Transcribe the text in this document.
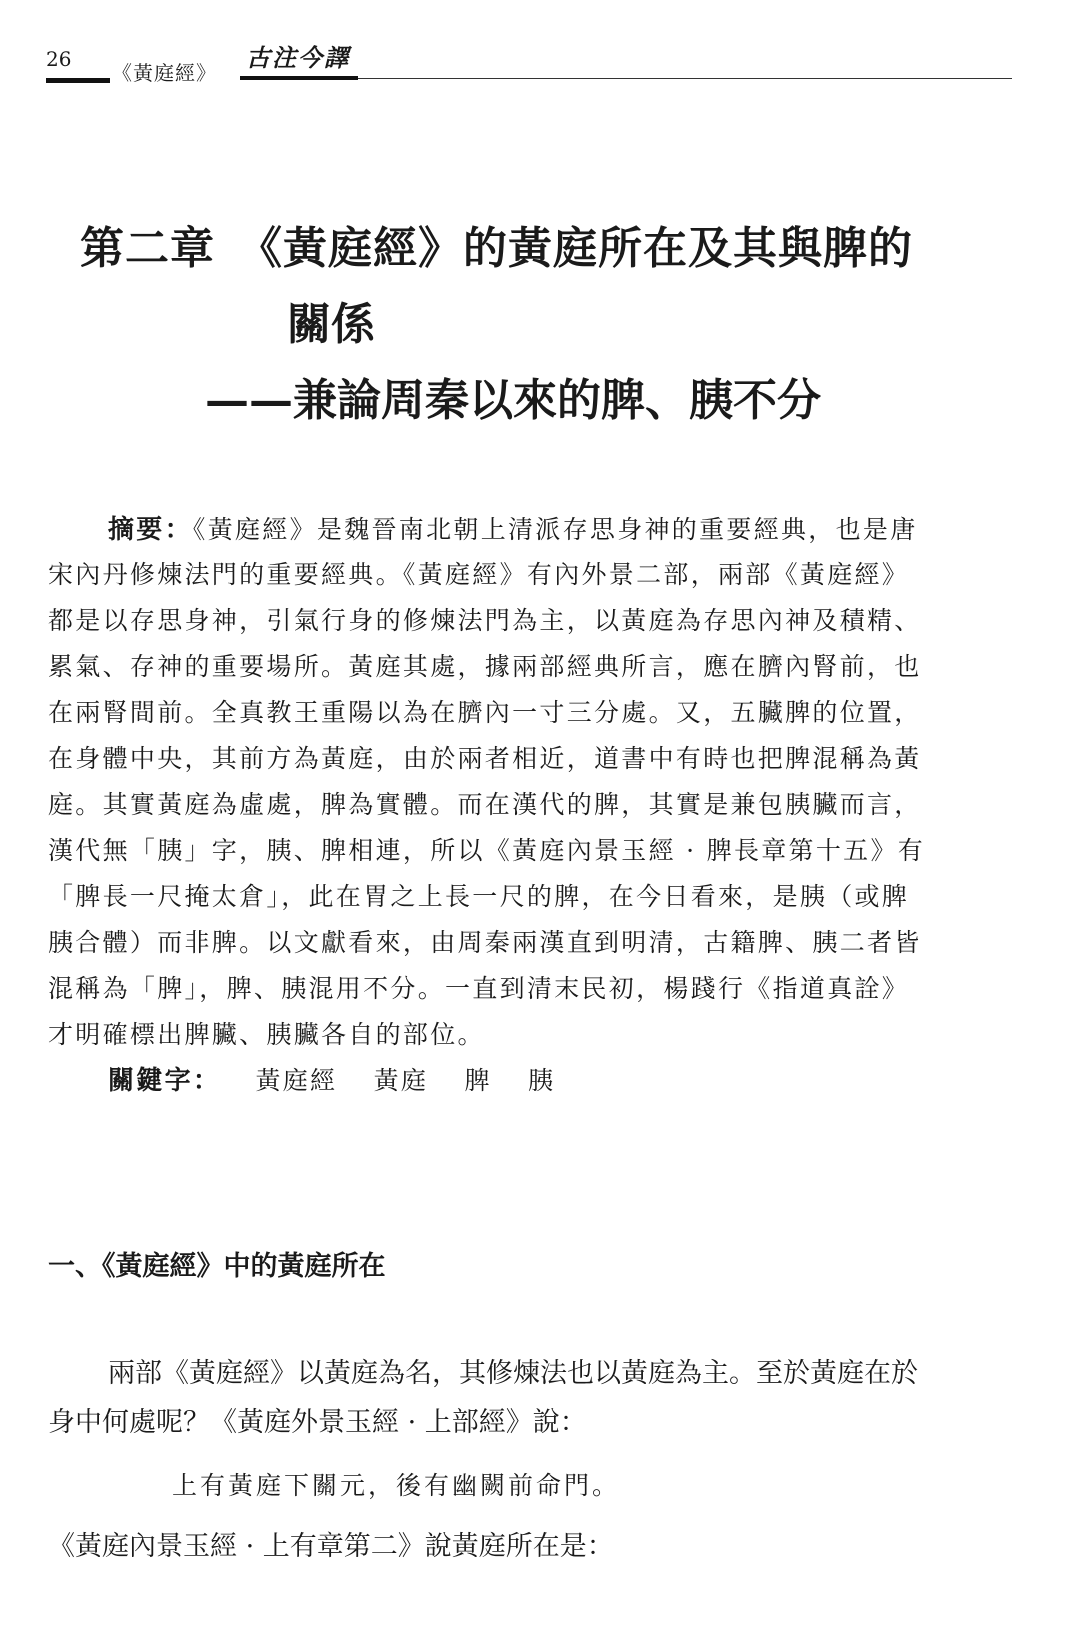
26
《黃庭經》
古注今譯
第二章　《黃庭經》的黃庭所在及其與脾的
關係
——兼論周秦以來的脾、胰不分
摘要：《黃庭經》是魏晉南北朝上清派存思身神的重要經典，也是唐
宋內丹修煉法門的重要經典。《黃庭經》有內外景二部，兩部《黃庭經》
都是以存思身神，引氣行身的修煉法門為主，以黃庭為存思內神及積精、
累氣、存神的重要場所。黃庭其處，據兩部經典所言，應在臍內腎前，也
在兩腎間前。全真教王重陽以為在臍內一寸三分處。又，五臟脾的位置，
在身體中央，其前方為黃庭，由於兩者相近，道書中有時也把脾混稱為黃
庭。其實黃庭為虛處，脾為實體。而在漢代的脾，其實是兼包胰臟而言，
漢代無「胰」字，胰、脾相連，所以《黃庭內景玉經 · 脾長章第十五》有
「脾長一尺掩太倉」，此在胃之上長一尺的脾，在今日看來，是胰（或脾
胰合體）而非脾。以文獻看來，由周秦兩漢直到明清，古籍脾、胰二者皆
混稱為「脾」，脾、胰混用不分。一直到清末民初，楊踐行《指道真詮》
才明確標出脾臟、胰臟各自的部位。
關鍵字： 黃庭經 黃庭 脾 胰
一、《黃庭經》中的黃庭所在
兩部《黃庭經》以黃庭為名，其修煉法也以黃庭為主。至於黃庭在於
身中何處呢？《黃庭外景玉經 · 上部經》說：
上有黃庭下關元，後有幽闕前命門。
《黃庭內景玉經 · 上有章第二》說黃庭所在是：
